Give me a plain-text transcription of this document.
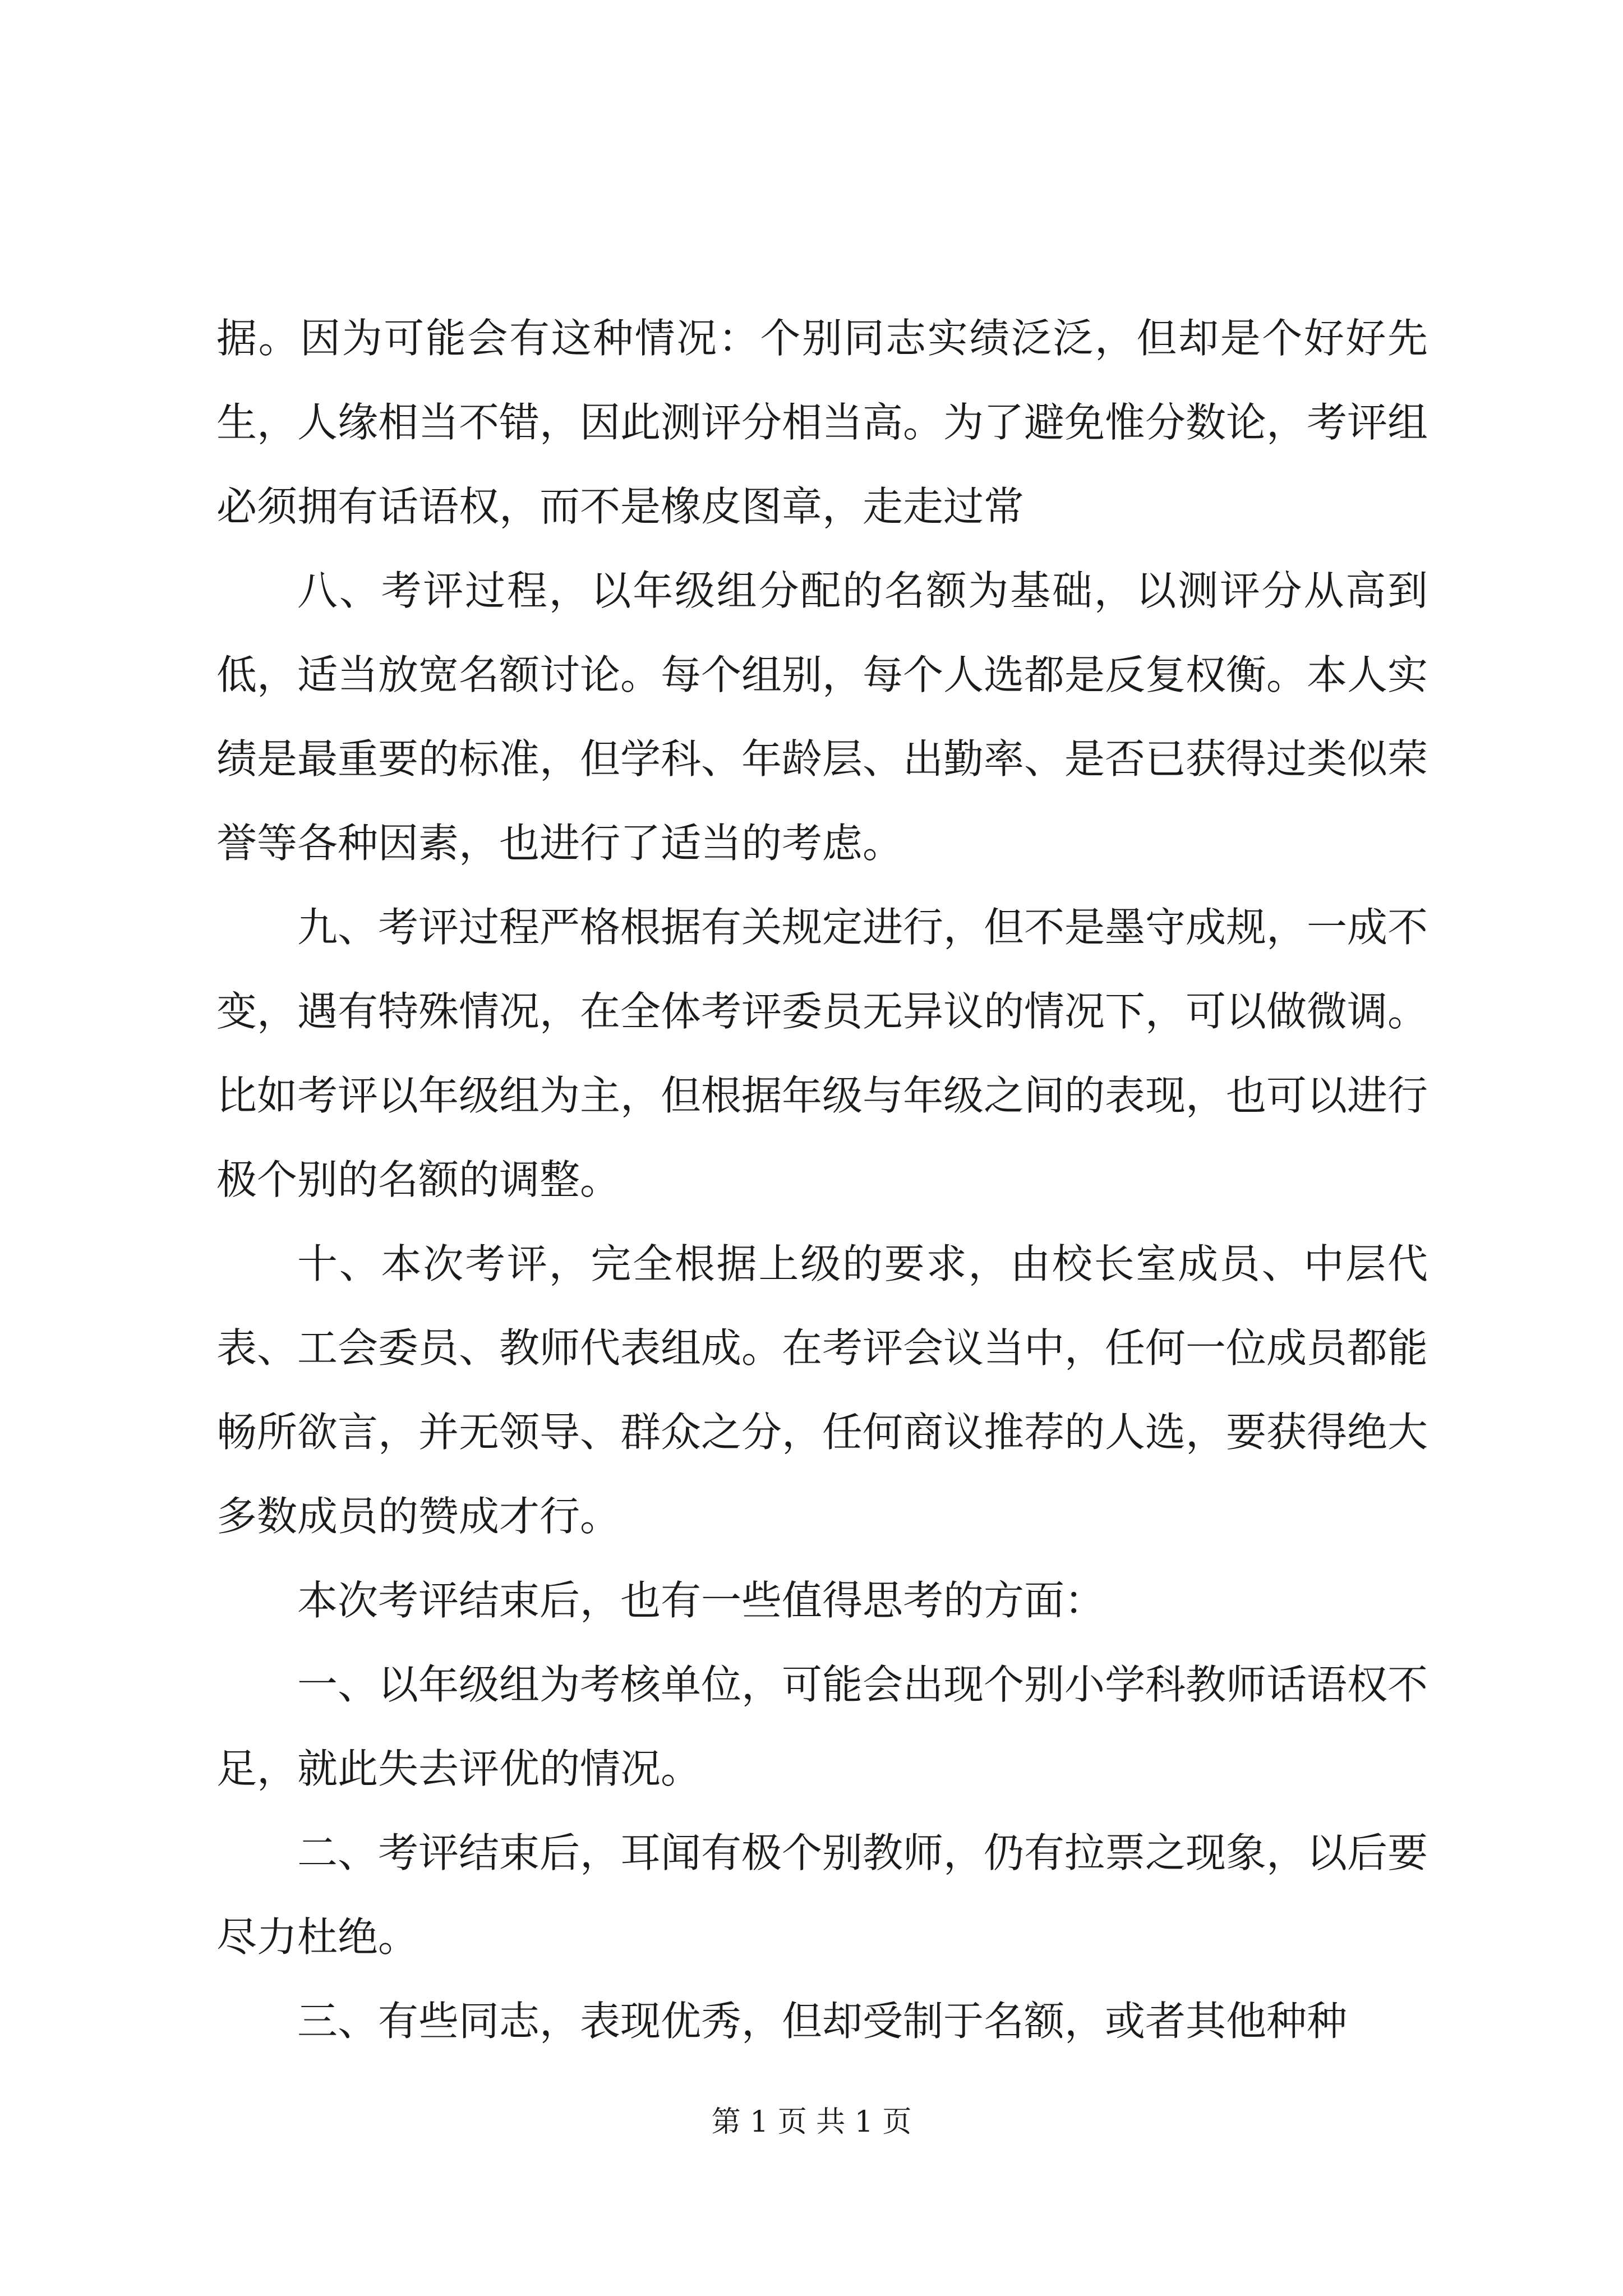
据。因为可能会有这种情况：个别同志实绩泛泛，但却是个好好先生，人缘相当不错，因此测评分相当高。为了避免惟分数论，考评组必须拥有话语权，而不是橡皮图章，走走过常

八、考评过程，以年级组分配的名额为基础，以测评分从高到低，适当放宽名额讨论。每个组别，每个人选都是反复权衡。本人实绩是最重要的标准，但学科、年龄层、出勤率、是否已获得过类似荣誉等各种因素，也进行了适当的考虑。

九、考评过程严格根据有关规定进行，但不是墨守成规，一成不变，遇有特殊情况，在全体考评委员无异议的情况下，可以做微调。比如考评以年级组为主，但根据年级与年级之间的表现，也可以进行极个别的名额的调整。

十、本次考评，完全根据上级的要求，由校长室成员、中层代表、工会委员、教师代表组成。在考评会议当中，任何一位成员都能畅所欲言，并无领导、群众之分，任何商议推荐的人选，要获得绝大多数成员的赞成才行。

本次考评结束后，也有一些值得思考的方面：

一、以年级组为考核单位，可能会出现个别小学科教师话语权不足，就此失去评优的情况。

二、考评结束后，耳闻有极个别教师，仍有拉票之现象，以后要尽力杜绝。

三、有些同志，表现优秀，但却受制于名额，或者其他种种

第 1 页 共 1 页
